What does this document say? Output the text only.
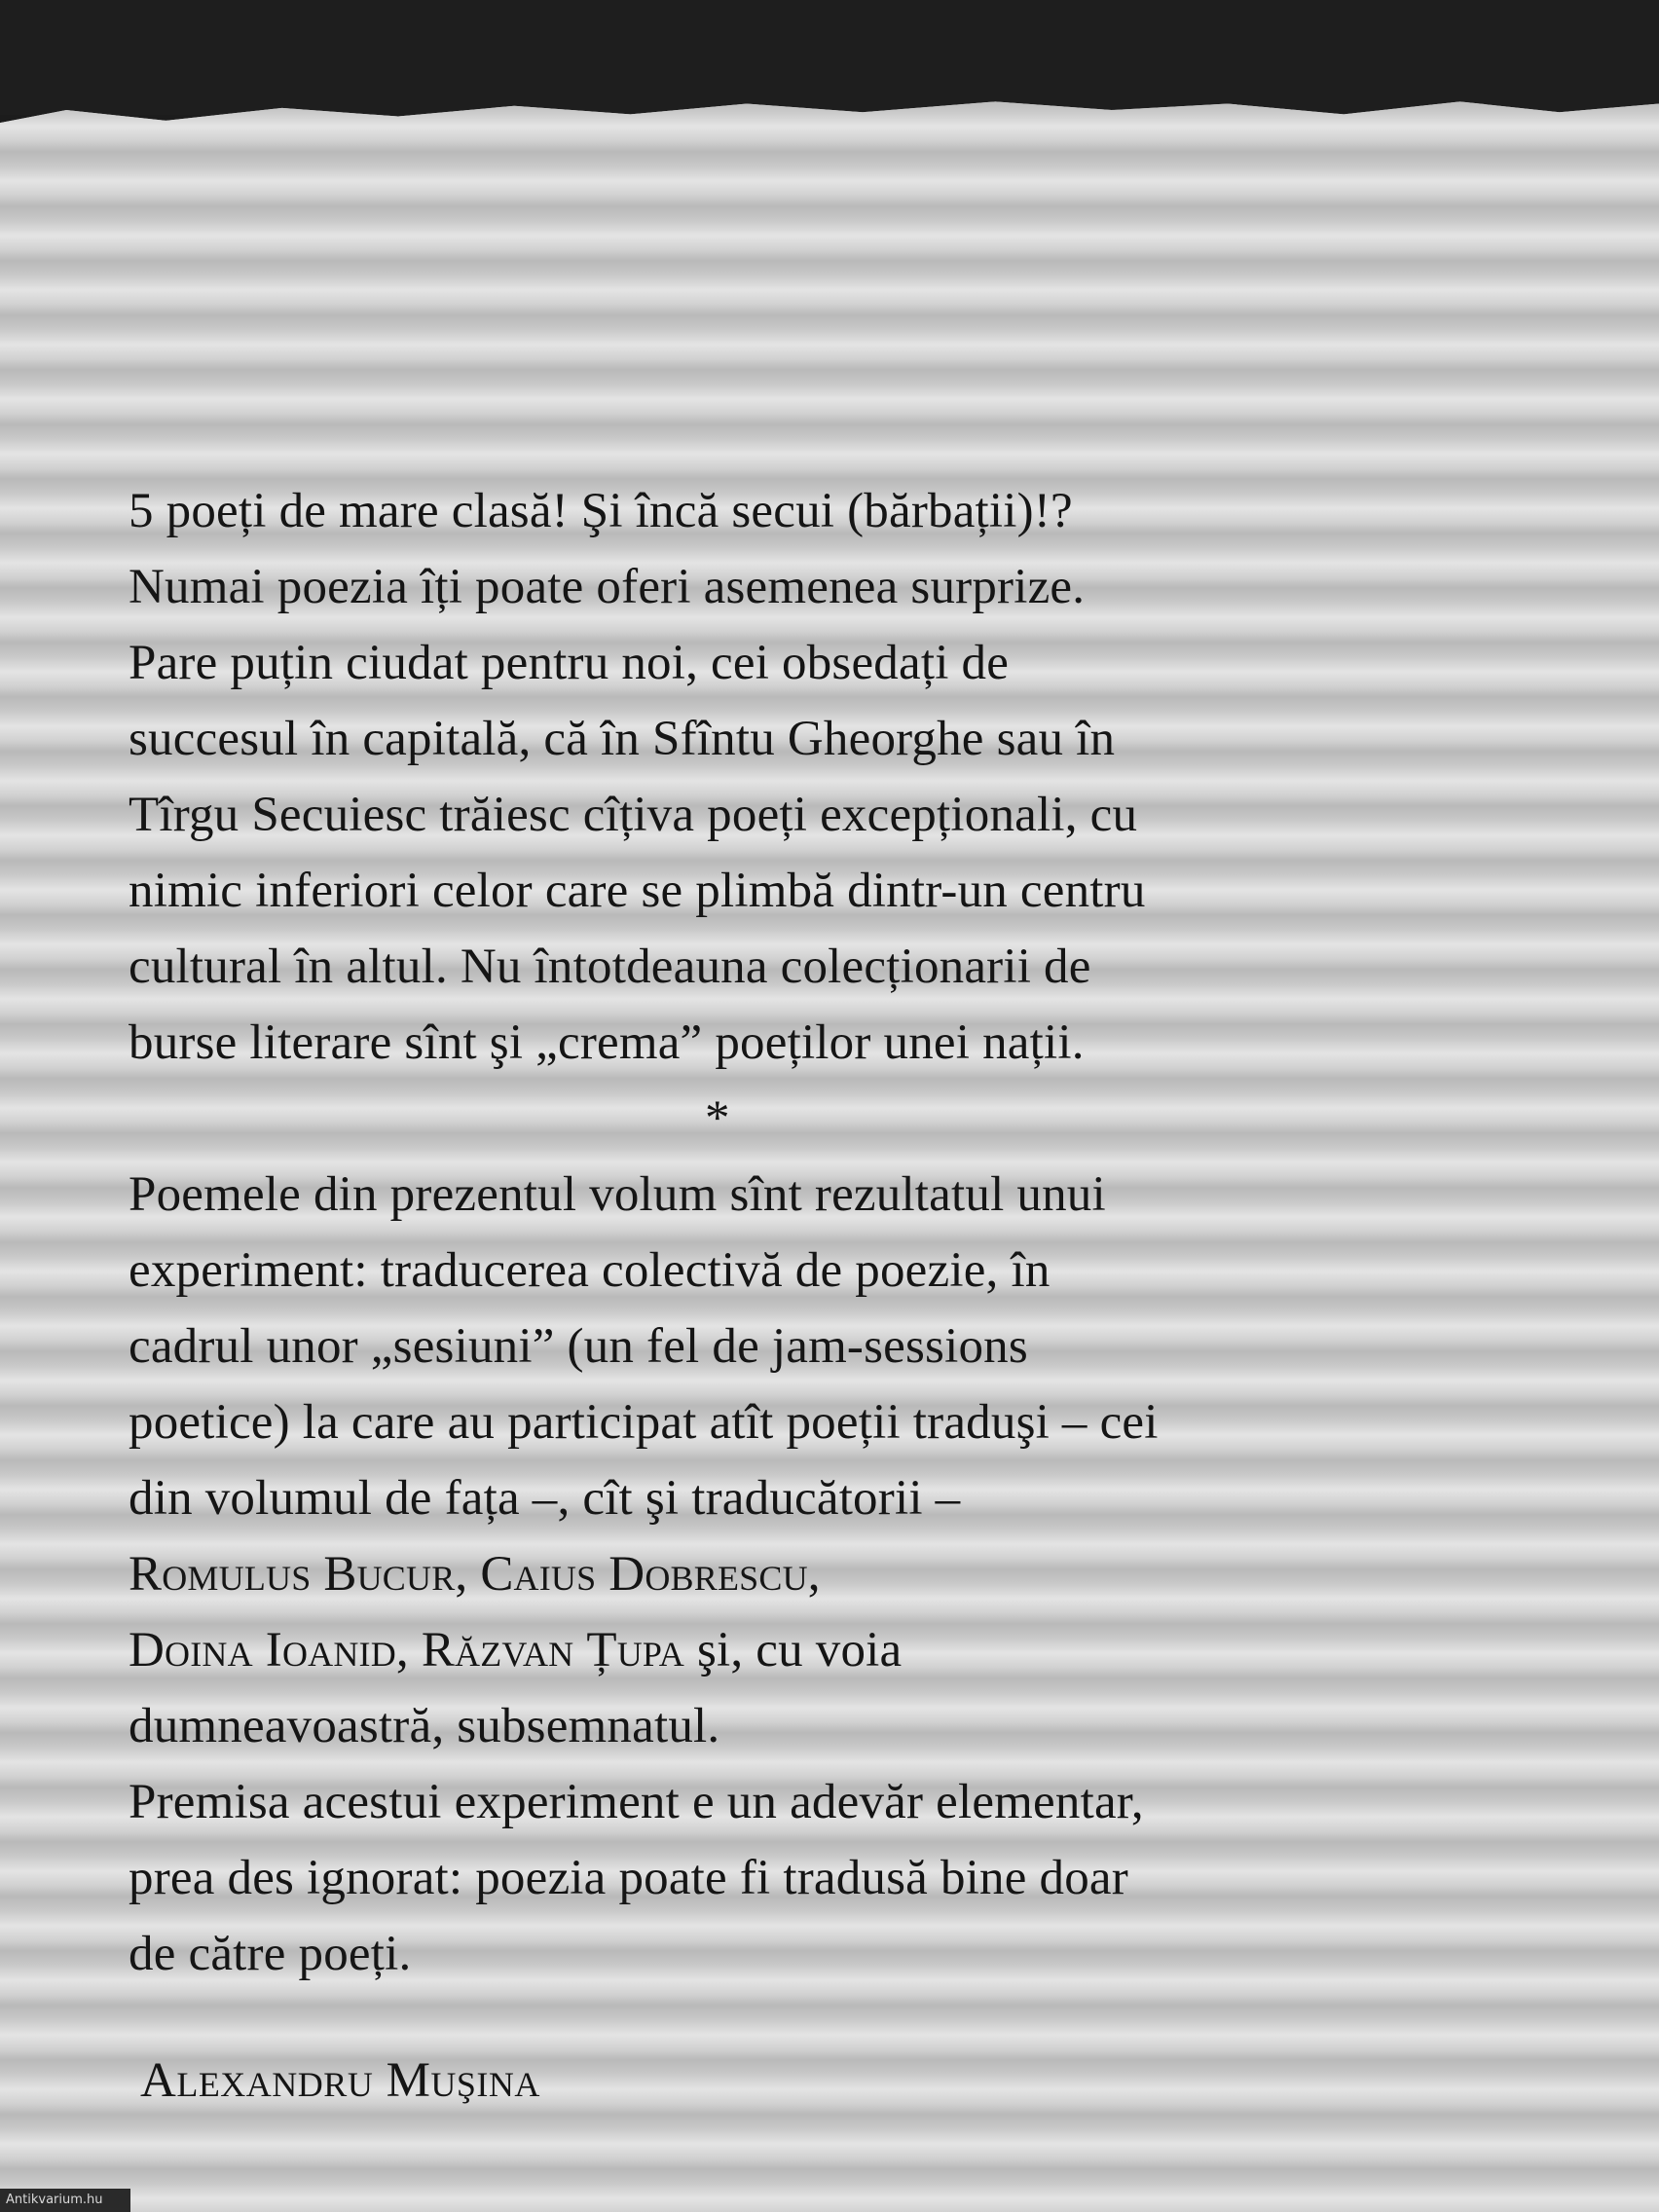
5 poeți de mare clasă! Şi încă secui (bărbații)!?
Numai poezia îți poate oferi asemenea surprize.
Pare puțin ciudat pentru noi, cei obsedați de
succesul în capitală, că în Sfîntu Gheorghe sau în
Tîrgu Secuiesc trăiesc cîțiva poeți excepționali, cu
nimic inferiori celor care se plimbă dintr-un centru
cultural în altul. Nu întotdeauna colecționarii de
burse literare sînt şi „crema” poeților unei nații.
*
Poemele din prezentul volum sînt rezultatul unui
experiment: traducerea colectivă de poezie, în
cadrul unor „sesiuni” (un fel de jam-sessions
poetice) la care au participat atît poeții traduşi – cei
din volumul de fața –, cît şi traducătorii –
Romulus Bucur, Caius Dobrescu,
Doina Ioanid, Răzvan Țupa şi, cu voia
dumneavoastră, subsemnatul.
Premisa acestui experiment e un adevăr elementar,
prea des ignorat: poezia poate fi tradusă bine doar
de către poeți.
Alexandru Muşina
Antikvarium.hu
